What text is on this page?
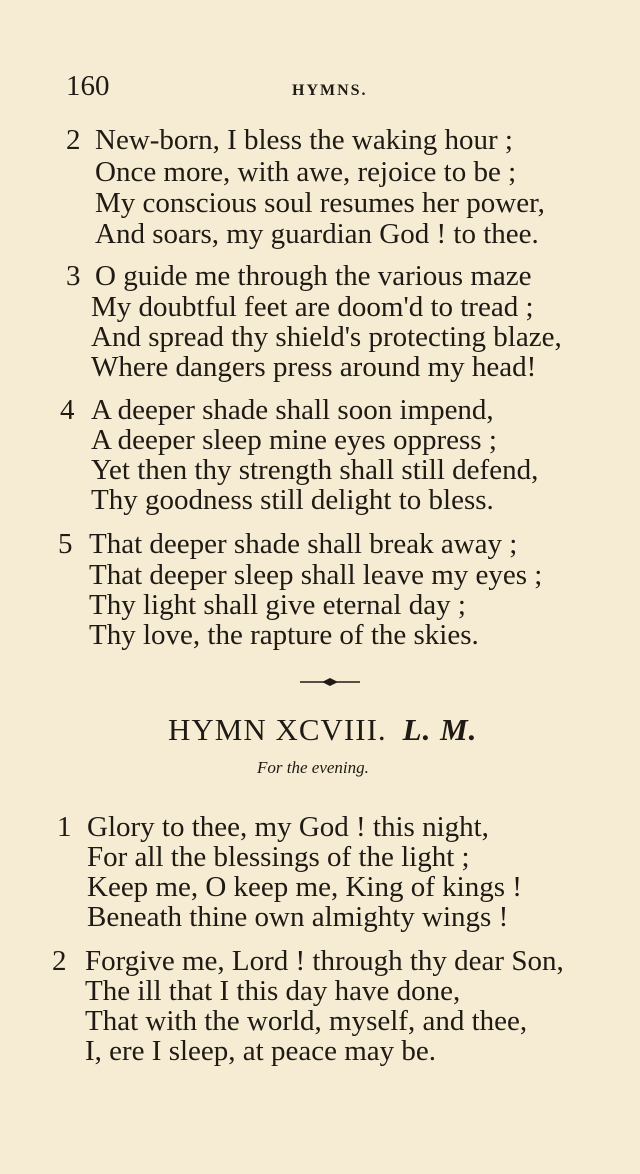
160	HYMNS.
2 New-born, I bless the waking hour ;
Once more, with awe, rejoice to be ;
My conscious soul resumes her power,
And soars, my guardian God ! to thee.
3 O guide me through the various maze
My doubtful feet are doom'd to tread ;
And spread thy shield's protecting blaze,
Where dangers press around my head!
4 A deeper shade shall soon impend,
A deeper sleep mine eyes oppress ;
Yet then thy strength shall still defend,
Thy goodness still delight to bless.
5 That deeper shade shall break away ;
That deeper sleep shall leave my eyes ;
Thy light shall give eternal day ;
Thy love, the rapture of the skies.
HYMN XCVIII. L. M.
For the evening.
1 Glory to thee, my God ! this night,
For all the blessings of the light ;
Keep me, O keep me, King of kings !
Beneath thine own almighty wings !
2 Forgive me, Lord ! through thy dear Son,
The ill that I this day have done,
That with the world, myself, and thee,
I, ere I sleep, at peace may be.
